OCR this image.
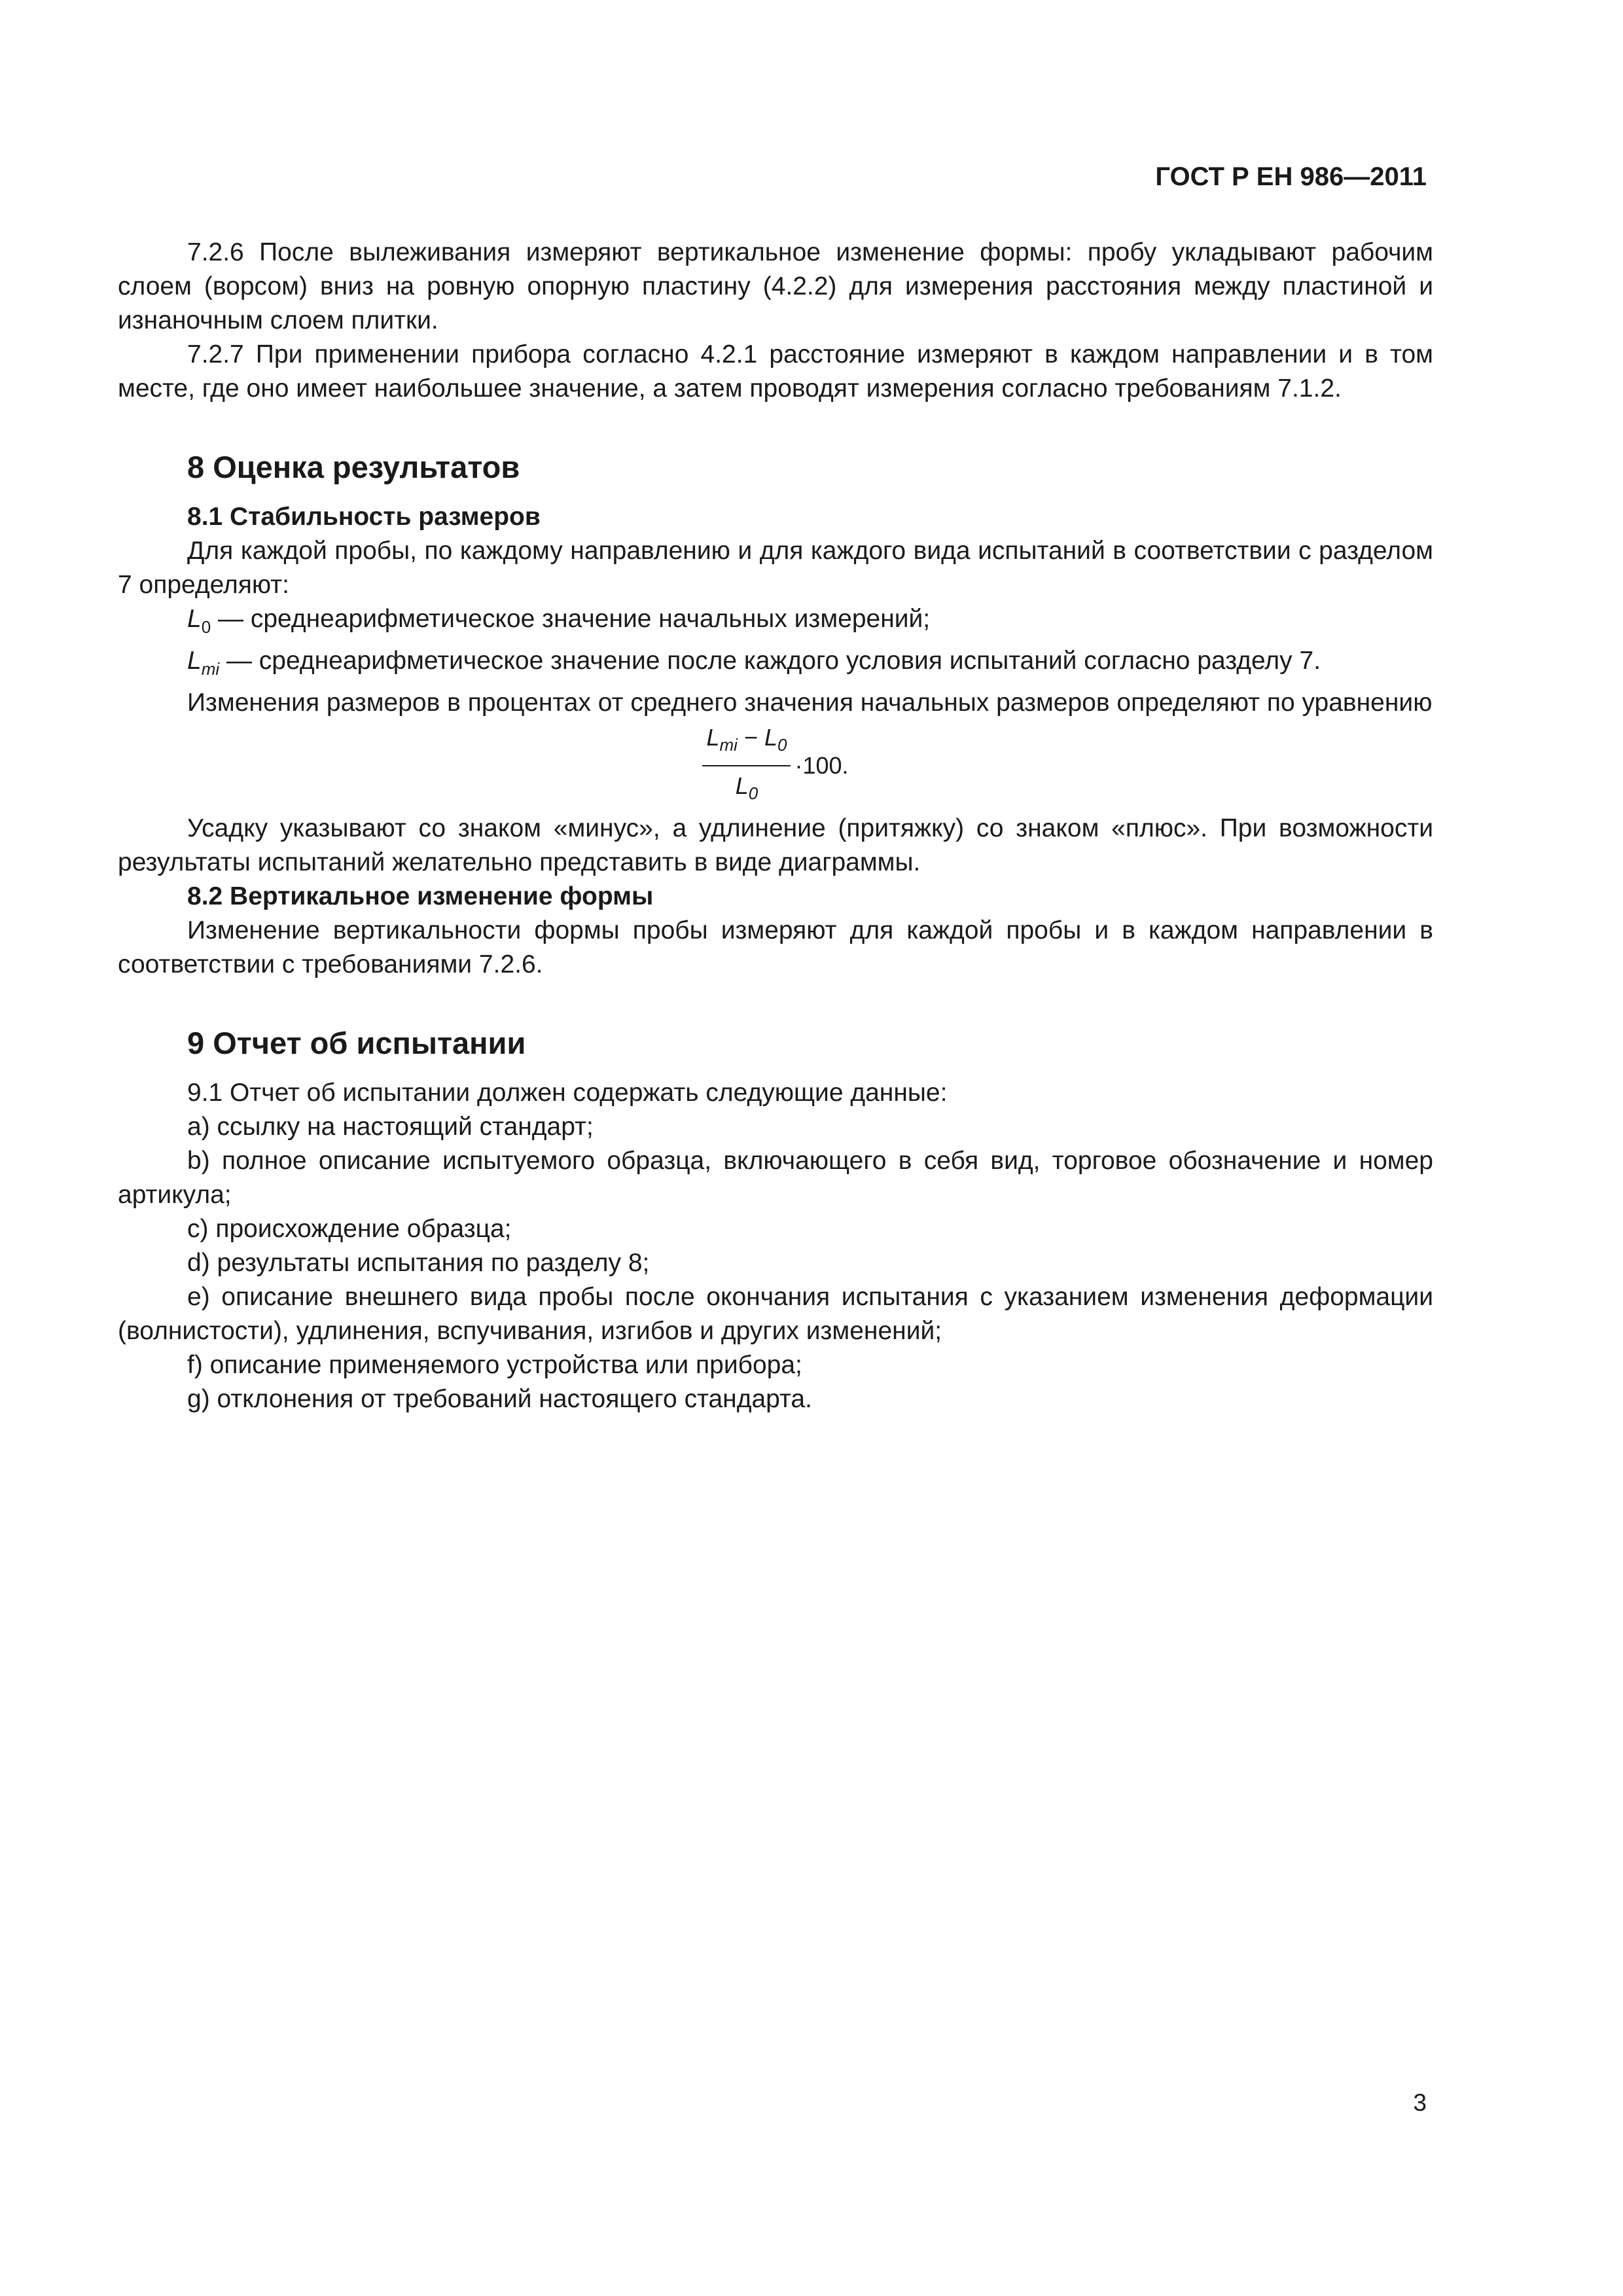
ГОСТ Р ЕН 986—2011

7.2.6 После вылеживания измеряют вертикальное изменение формы: пробу укладывают рабочим слоем (ворсом) вниз на ровную опорную пластину (4.2.2) для измерения расстояния между пластиной и изнаночным слоем плитки.

7.2.7 При применении прибора согласно 4.2.1 расстояние измеряют в каждом направлении и в том месте, где оно имеет наибольшее значение, а затем проводят измерения согласно требованиям 7.1.2.

8 Оценка результатов
8.1 Стабильность размеров

Для каждой пробы, по каждому направлению и для каждого вида испытаний в соответствии с разделом 7 определяют:

$L_0$ — среднеарифметическое значение начальных измерений;

$L_{mi}$ — среднеарифметическое значение после каждого условия испытаний согласно разделу 7.

Изменения размеров в процентах от среднего значения начальных размеров определяют по уравнению

$\frac{L_{mi} - L_0}{L_0} \cdot 100$.

Усадку указывают со знаком «минус», а удлинение (притяжку) со знаком «плюс». При возможности результаты испытаний желательно представить в виде диаграммы.

8.2 Вертикальное изменение формы

Изменение вертикальности формы пробы измеряют для каждой пробы и в каждом направлении в соответствии с требованиями 7.2.6.

9 Отчет об испытании

9.1 Отчет об испытании должен содержать следующие данные:

a) ссылку на настоящий стандарт;

b) полное описание испытуемого образца, включающего в себя вид, торговое обозначение и номер артикула;

c) происхождение образца;

d) результаты испытания по разделу 8;

e) описание внешнего вида пробы после окончания испытания с указанием изменения деформации (волнистости), удлинения, вспучивания, изгибов и других изменений;

f) описание применяемого устройства или прибора;

g) отклонения от требований настоящего стандарта.

3
